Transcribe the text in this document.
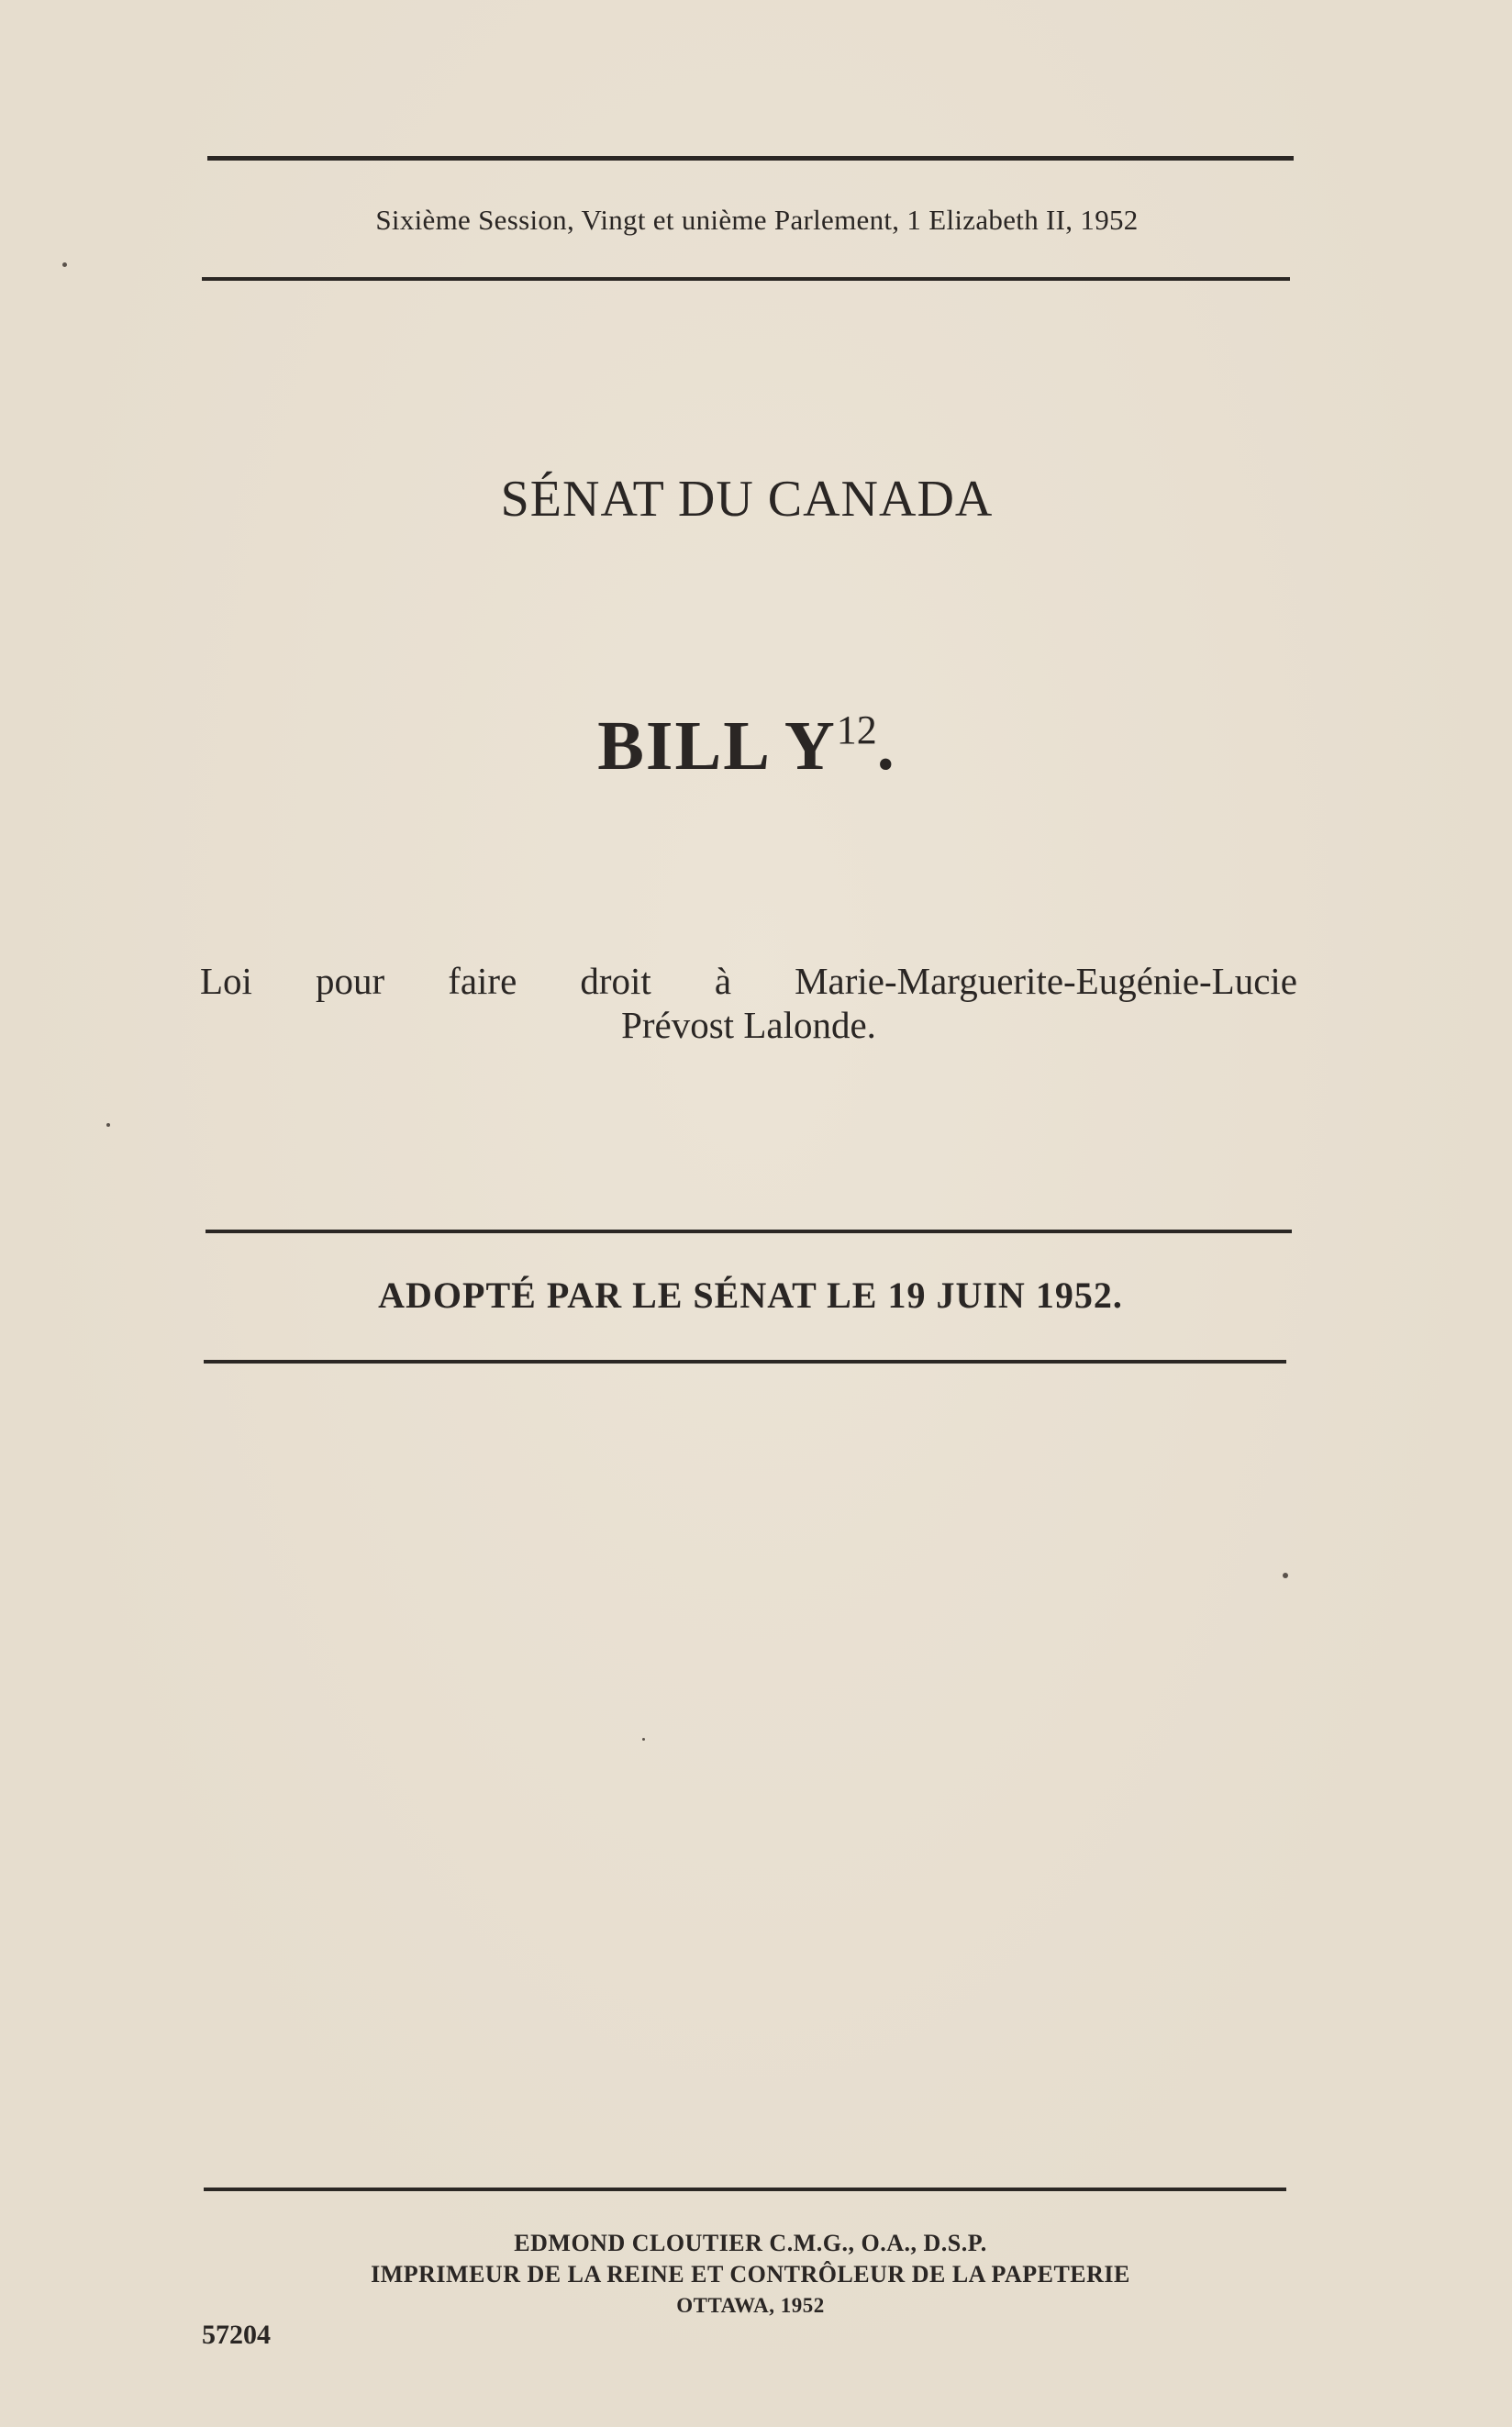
Sixième Session, Vingt et unième Parlement, 1 Elizabeth II, 1952
SÉNAT DU CANADA
BILL $Y^{12}$.
Loi pour faire droit à Marie-Marguerite-Eugénie-Lucie
Prévost Lalonde.
ADOPTÉ PAR LE SÉNAT LE 19 JUIN 1952.
EDMOND CLOUTIER C.M.G., O.A., D.S.P.
IMPRIMEUR DE LA REINE ET CONTRÔLEUR DE LA PAPETERIE
OTTAWA, 1952
57204
